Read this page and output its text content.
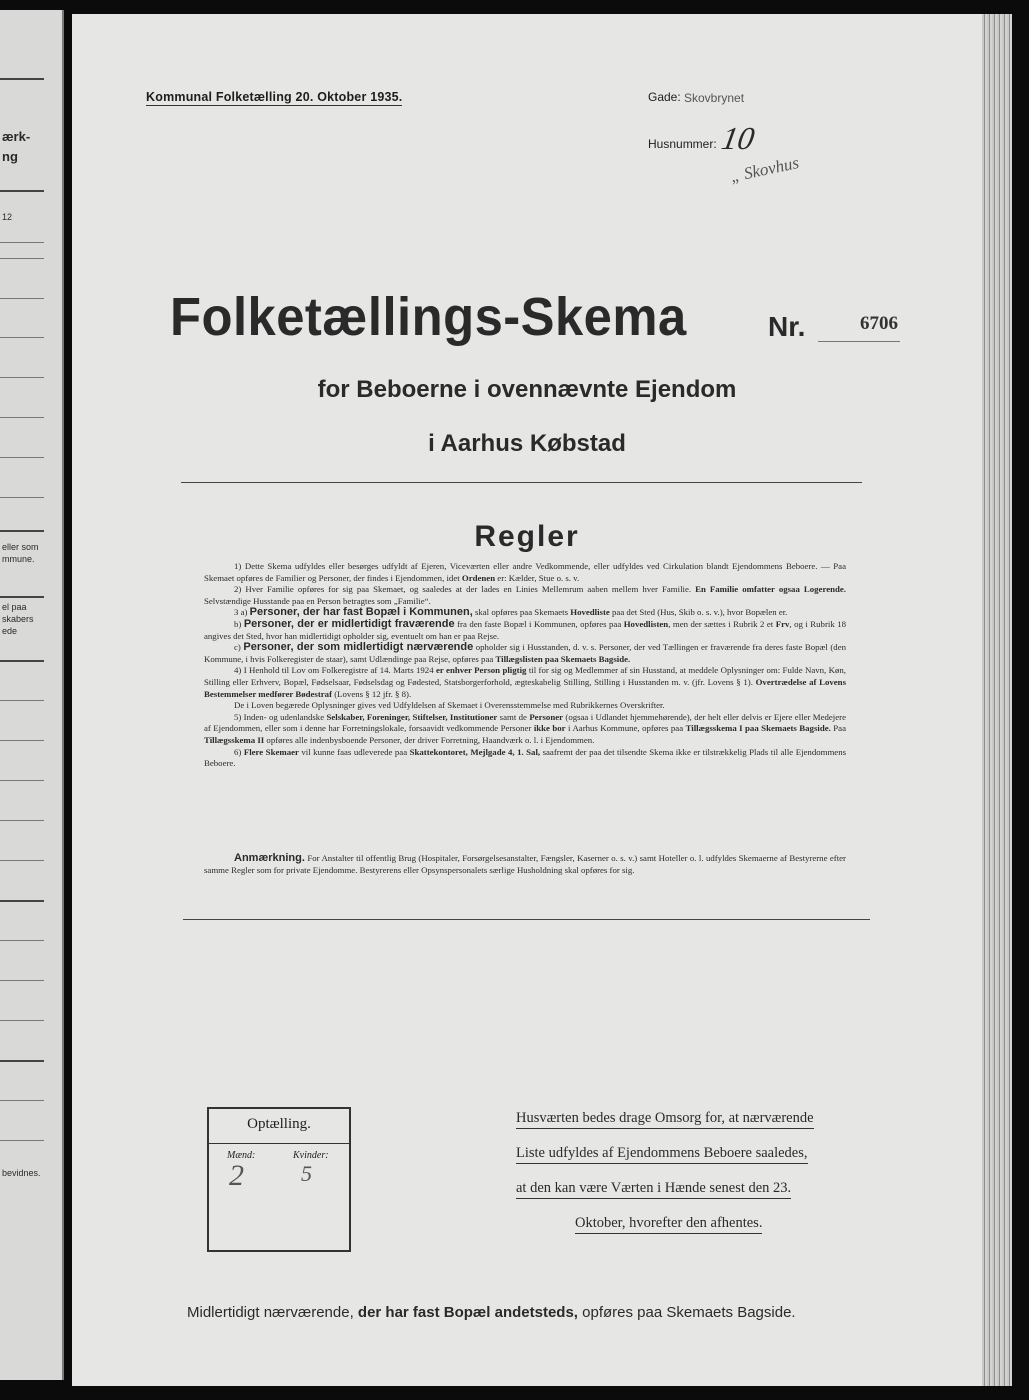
ærk-
ng
12
eller som
mmune.
el paa
skabers
ede
bevidnes.
Kommunal Folketælling 20. Oktober 1935.	Gade: Skovbrynet
Husnummer: 10
„ Skovhus
Folketællings-Skema	Nr.	6706
for Beboerne i ovennævnte Ejendom
i Aarhus Købstad
Regler

1) Dette Skema udfyldes eller besørges udfyldt af Ejeren, Viceværten eller andre Vedkommende, eller udfyldes ved Cirkulation blandt Ejendommens Beboere. — Paa Skemaet opføres de Familier og Personer, der findes i Ejendommen, idet Ordenen er: Kælder, Stue o. s. v.

2) Hver Familie opføres for sig paa Skemaet, og saaledes at der lades en Linies Mellemrum aaben mellem hver Familie. En Familie omfatter ogsaa Logerende. Selvstændige Husstande paa en Person betragtes som „Familie“.

3 a) Personer, der har fast Bopæl i Kommunen, skal opføres paa Skemaets Hovedliste paa det Sted (Hus, Skib o. s. v.), hvor Bopælen er.

b) Personer, der er midlertidigt fraværende fra den faste Bopæl i Kommunen, opføres paa Hovedlisten, men der sættes i Rubrik 2 et Frv, og i Rubrik 18 angives det Sted, hvor han midlertidigt opholder sig, eventuelt om han er paa Rejse.

c) Personer, der som midlertidigt nærværende opholder sig i Husstanden, d. v. s. Personer, der ved Tællingen er fraværende fra deres faste Bopæl (den Kommune, i hvis Folkeregister de staar), samt Udlændinge paa Rejse, opføres paa Tillægslisten paa Skemaets Bagside.

4) I Henhold til Lov om Folkeregistre af 14. Marts 1924 er enhver Person pligtig til for sig og Medlemmer af sin Husstand, at meddele Oplysninger om: Fulde Navn, Køn, Stilling eller Erhverv, Bopæl, Fødselsaar, Fødselsdag og Fødested, Statsborgerforhold, ægteskabelig Stilling, Stilling i Husstanden m. v. (jfr. Lovens § 1). Overtrædelse af Lovens Bestemmelser medfører Bødestraf (Lovens § 12 jfr. § 8).

De i Loven begærede Oplysninger gives ved Udfyldelsen af Skemaet i Overensstemmelse med Rubrikkernes Overskrifter.

5) Inden- og udenlandske Selskaber, Foreninger, Stiftelser, Institutioner samt de Personer (ogsaa i Udlandet hjemmehørende), der helt eller delvis er Ejere eller Medejere af Ejendommen, eller som i denne har Forretningslokale, forsaavidt vedkommende Personer ikke bor i Aarhus Kommune, opføres paa Tillægsskema I paa Skemaets Bagside. Paa Tillægsskema II opføres alle indenbysboende Personer, der driver Forretning, Haandværk o. l. i Ejendommen.

6) Flere Skemaer vil kunne faas udleverede paa Skattekontoret, Mejlgade 4, 1. Sal, saafremt der paa det tilsendte Skema ikke er tilstrækkelig Plads til alle Ejendommens Beboere.

Anmærkning. For Anstalter til offentlig Brug (Hospitaler, Forsørgelsesanstalter, Fængsler, Kaserner o. s. v.) samt Hoteller o. l. udfyldes Skemaerne af Bestyrerne efter samme Regler som for private Ejendomme. Bestyrerens eller Opsynspersonalets særlige Husholdning skal opføres for sig.
Optælling.
Mænd:	Kvinder:
2	5
Husværten bedes drage Omsorg for, at nærværende
Liste udfyldes af Ejendommens Beboere saaledes,
at den kan være Værten i Hænde senest den 23.
Oktober, hvorefter den afhentes.
Midlertidigt nærværende, der har fast Bopæl andetsteds, opføres paa Skemaets Bagside.
